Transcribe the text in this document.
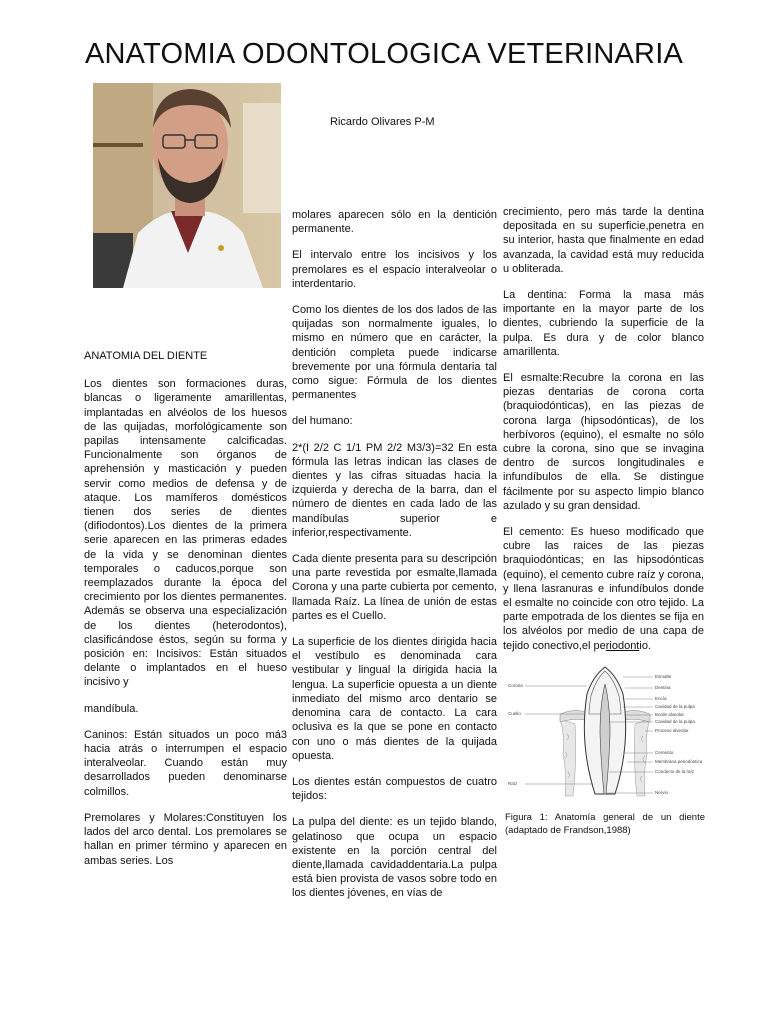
ANATOMIA ODONTOLOGICA VETERINARIA
Ricardo Olivares P-M

ANATOMIA DEL DIENTE

Los dientes son formaciones duras, blancas o ligeramente amarillentas, implantadas en alvéolos de los huesos de las quijadas, morfológicamente son papilas intensamente calcificadas. Funcionalmente son órganos de aprehensión y masticación y pueden servir como medios de defensa y de ataque. Los mamíferos domésticos tienen dos series de dientes (difiodontos).Los dientes de la primera serie aparecen en las primeras edades de la vida y se denominan dientes temporales o caducos,porque son reemplazados durante la época del crecimiento por los dientes permanentes. Además se observa una especialización de los dientes (heterodontos), clasificándose éstos, según su forma y posición en: Incisivos: Están situados delante o implantados en el hueso incisivo y

mandíbula.

Caninos: Están situados un poco má3 hacia atrás o interrumpen el espacio interalveolar. Cuando están muy desarrollados pueden denominarse colmillos.

Premolares y Molares:Constituyen los lados del arco dental. Los premolares se hallan en primer término y aparecen en ambas series. Los

molares aparecen sólo en la dentición permanente.

El intervalo entre los incisivos y los premolares es el espacio interalveolar o interdentario.

Como los dientes de los dos lados de las quijadas son normalmente iguales, lo mismo en número que en carácter, la dentición completa puede indicarse brevemente por una fórmula dentaria tal como sigue: Fórmula de los dientes permanentes

del humano:

2*(I 2/2 C 1/1 PM 2/2 M3/3)=32 En esta fórmula las letras indican las clases de dientes y las cifras situadas hacia la izquierda y derecha de la barra, dan el número de dientes en cada lado de las mandíbulas superior e inferior,respectivamente.

Cada diente presenta para su descripción una parte revestida por esmalte,llamada Corona y una parte cubierta por cemento, llamada Raíz. La línea de unión de estas partes es el Cuello.

La superficie de los dientes dirigida hacia el vestíbulo es denominada cara vestibular y lingual la dirigida hacia la lengua. La superficie opuesta a un diente inmediato del mismo arco dentario se denomina cara de contacto. La cara oclusiva es la que se pone en contacto con uno o más dientes de la quijada opuesta.

Los dientes están compuestos de cuatro tejidos:

La pulpa del diente: es un tejido blando, gelatinoso que ocupa un espacio existente en la porción central del diente,llamada cavidaddentaria.La pulpa está bien provista de vasos sobre todo en los dientes jóvenes, en vías de

crecimiento, pero más tarde la dentina depositada en su superficie,penetra en su interior, hasta que finalmente en edad avanzada, la cavidad está muy reducida u obliterada.

La dentina: Forma la masa más importante en la mayor parte de los dientes, cubriendo la superficie de la pulpa. Es dura y de color blanco amarillenta.

El esmalte:Recubre la corona en las piezas dentarias de corona corta (braquiodónticas), en las piezas de corona larga (hipsodónticas), de los herbívoros (equino), el esmalte no sólo cubre la corona, sino que se invagina dentro de surcos longitudinales e infundíbulos de ella. Se distingue fácilmente por su aspecto limpio blanco azulado y su gran densidad.

El cemento: Es hueso modificado que cubre las raices de las piezas braquiodónticas; en las hipsodónticas (equino), el cemento cubre raíz y corona, y llena lasranuras e infundíbulos donde el esmalte no coincide con otro tejido. La parte empotrada de los dientes se fija en los alvéolos por medio de una capa de tejido conectivo,el periodontio.

Corona
Cuello
Raíz
Esmalte
Dentina
Encía
Cavidad de la pulpa
Borde alveolar
Cavidad de la pulpa
Proceso alveolar
Cemento
Membrana periodóntica
Conducto de la raíz
Nervio
Figura 1: Anatomía general de un diente (adaptado de Frandson,1988)
